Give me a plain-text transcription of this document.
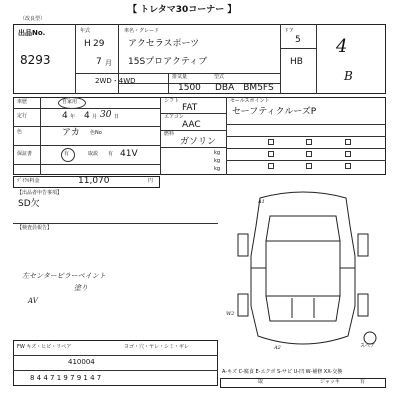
【 トレタマ30コーナー 】
（改良型）
出品No.
8293
年式
H 29
7 月
車名・グレード
アクセラスポーツ
15Sプロアクティブ
ドア
5
HB
4
B
2WD・4WD	排気量
1500
型式
DBA　BM5FS
車歴	自家用
定行	4 年 4 月 30 日
色	アカ 色No
保証書	有	取説 有 41V
シフト
FAT
エアコン
AAC
燃料
ガソリン
kg
kg
kg
セールスポイント
セーフティクルーズP
ｿﾞｲｸﾙ料金	11,070	円
【出品者申告事項】
SD欠
【検査員報告】
左センターピラーペイント
塗り
AV
A1
W2
A2	スペア
FW キズ・ヒビ・リペア	ヨゴ・穴・ヤレ・シミ・ギレ
410004
8 4 4 7 1 9 7 9 1 4 7
A-キズ C-腐食 E-エクボ S-サビ U-凹 W-補修 XX-交換
取	ジャッキ	有
